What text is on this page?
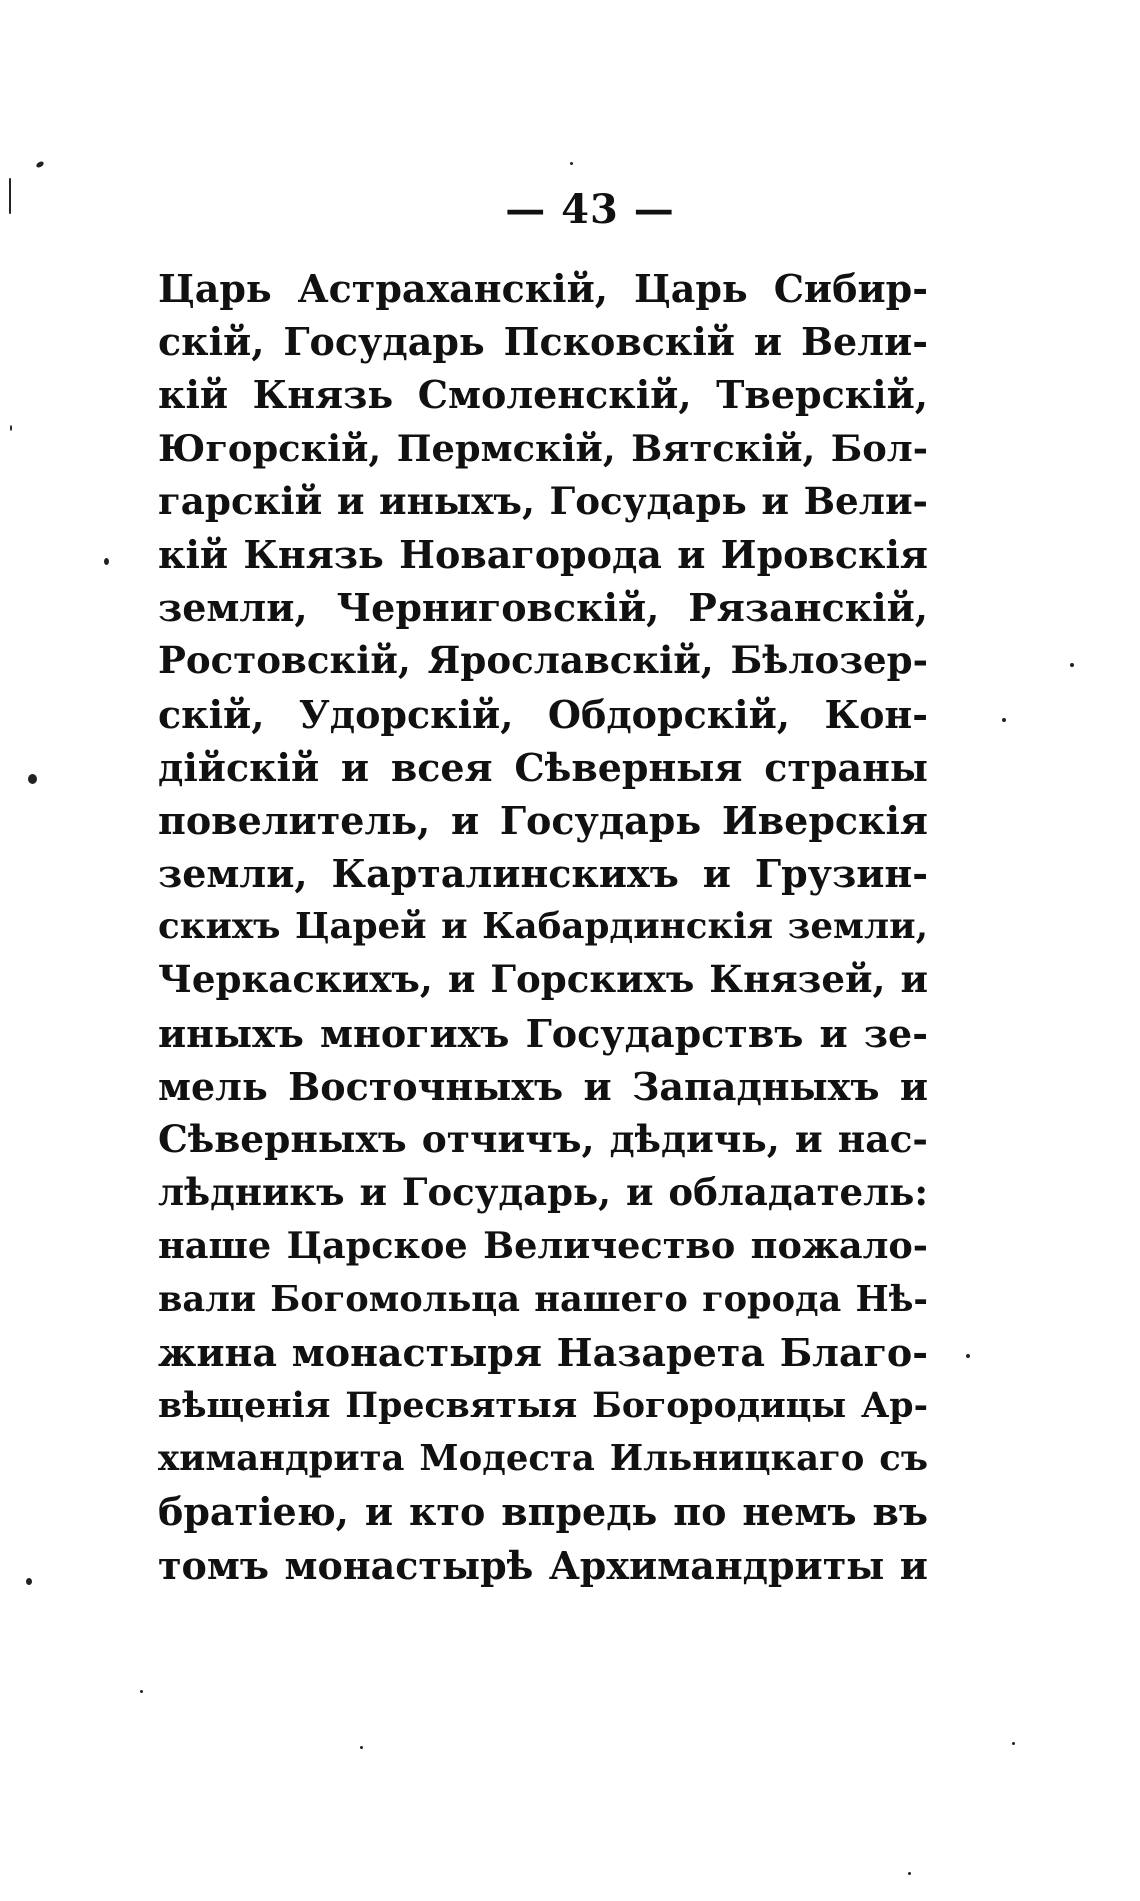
— 43 —
Царь Астраханскій, Царь Сибир-
скій, Государь Псковскій и Вели-
кій Князь Смоленскій, Тверскій,
Югорскій, Пермскій, Вятскій, Бол-
гарскій и иныхъ, Государь и Вели-
кій Князь Новагорода и Ировскія
земли, Черниговскій, Рязанскій,
Ростовскій, Ярославскій, Бѣлозер-
скій, Удорскій, Обдорскій, Кон-
дійскій и всея Сѣверныя страны
повелитель, и Государь Иверскія
земли, Карталинскихъ и Грузин-
скихъ Царей и Кабардинскія земли,
Черкаскихъ, и Горскихъ Князей, и
иныхъ многихъ Государствъ и зе-
мель Восточныхъ и Западныхъ и
Сѣверныхъ отчичъ, дѣдичь, и нас-
лѣдникъ и Государь, и обладатель:
наше Царское Величество пожало-
вали Богомольца нашего города Нѣ-
жина монастыря Назарета Благо-
вѣщенія Пресвятыя Богородицы Ар-
химандрита Модеста Ильницкаго съ
братіею, и кто впредь по немъ въ
томъ монастырѣ Архимандриты и
